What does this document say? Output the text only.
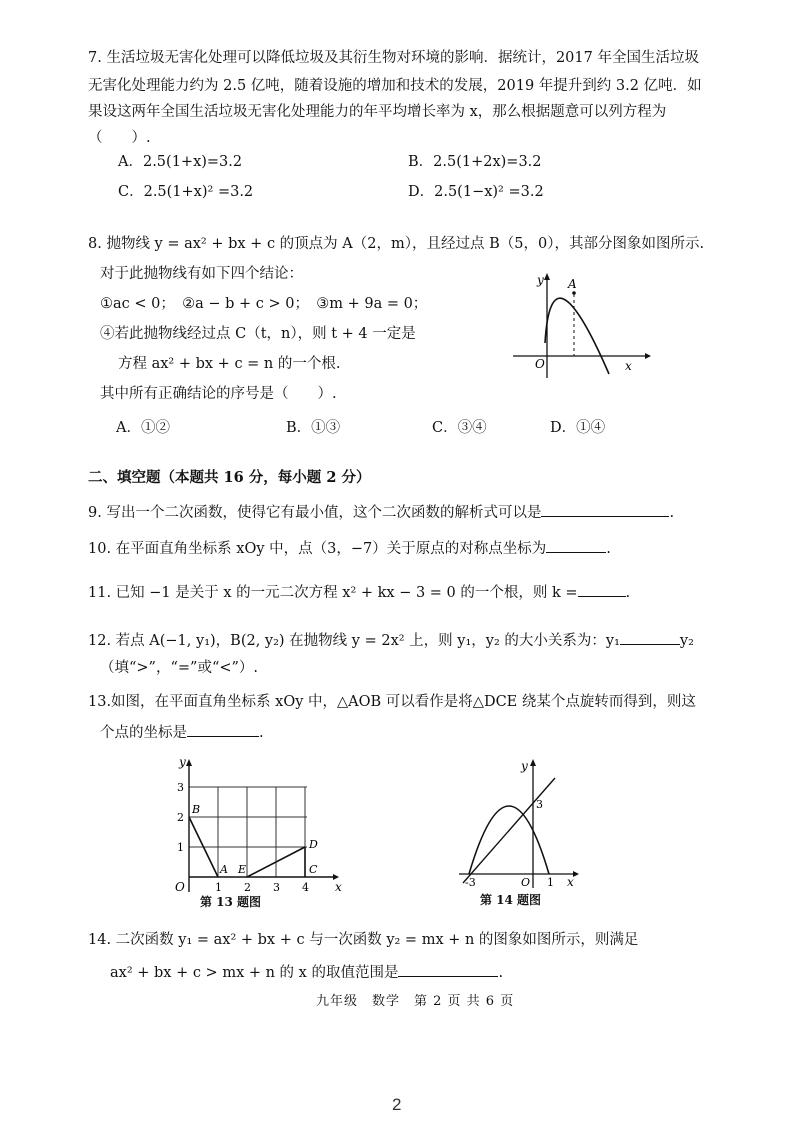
7. 生活垃圾无害化处理可以降低垃圾及其衍生物对环境的影响．据统计，2017 年全国生活垃圾
无害化处理能力约为 2.5 亿吨，随着设施的增加和技术的发展，2019 年提升到约 3.2 亿吨．如
果设这两年全国生活垃圾无害化处理能力的年平均增长率为 x，那么根据题意可以列方程为
（　　）.
A．2.5(1+x)=3.2	B．2.5(1+2x)=3.2
C．2.5(1+x)² =3.2	D．2.5(1−x)² =3.2
8. 抛物线 y = ax² + bx + c 的顶点为 A（2，m），且经过点 B（5，0），其部分图象如图所示.
对于此抛物线有如下四个结论：
①ac < 0；　②a − b + c > 0；　③m + 9a = 0；
④若此抛物线经过点 C（t，n），则 t + 4 一定是
方程 ax² + bx + c = n 的一个根.
其中所有正确结论的序号是（　　）.
A．①②	B．①③	C．③④	D．①④
y
x
O
A
二、填空题（本题共 16 分，每小题 2 分）
9. 写出一个二次函数，使得它有最小值，这个二次函数的解析式可以是	.
10. 在平面直角坐标系 xOy 中，点（3，−7）关于原点的对称点坐标为	.
11. 已知 −1 是关于 x 的一元二次方程 x² + kx − 3 = 0 的一个根，则 k =	.
12. 若点 A(−1, y₁)，B(2, y₂) 在抛物线 y = 2x² 上，则 y₁，y₂ 的大小关系为：y₁	y₂
（填“>”，“=”或“<”）.
13.如图，在平面直角坐标系 xOy 中，△AOB 可以看作是将△DCE 绕某个点旋转而得到，则这
个点的坐标是	.
y
x
O	1 2 3 4
1
2
3
B
A E
D
C
第 13 题图
y
x
O
-3	1
3
第 14 题图
14. 二次函数 y₁ = ax² + bx + c 与一次函数 y₂ = mx + n 的图象如图所示，则满足
ax² + bx + c > mx + n 的 x 的取值范围是	.
九年级　数学　第 2 页 共 6 页
2
